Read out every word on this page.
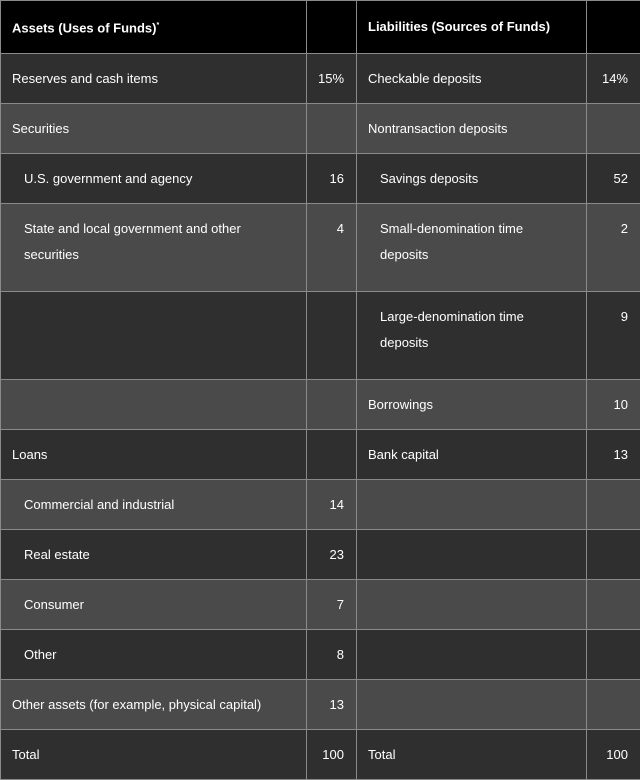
Assets (Uses of Funds)*		Liabilities (Sources of Funds)	
Reserves and cash items	15%	Checkable deposits	14%
Securities		Nontransaction deposits	
U.S. government and agency	16	Savings deposits	52
State and local government and other securities	4	Small-denomination time deposits	2
		Large-denomination time deposits	9
		Borrowings	10
Loans		Bank capital	13
Commercial and industrial	14		
Real estate	23		
Consumer	7		
Other	8		
Other assets (for example, physical capital)	13		
Total	100	Total	100
